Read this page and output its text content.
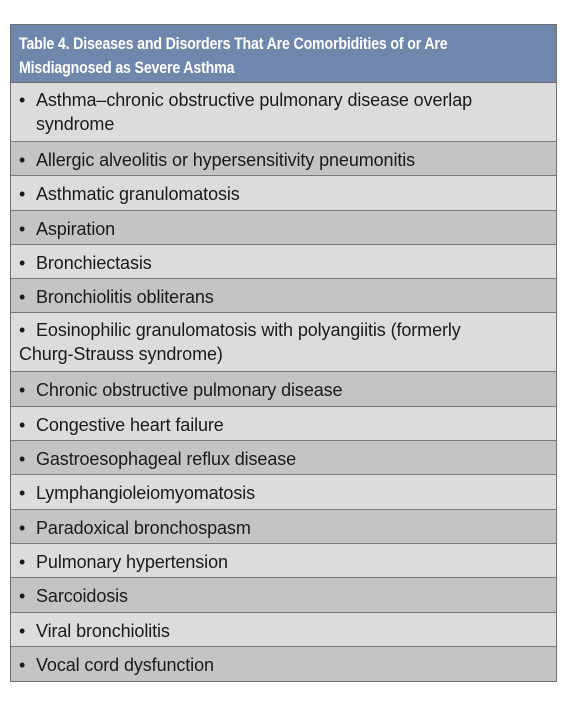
Table 4. Diseases and Disorders That Are Comorbidities of or Are
Misdiagnosed as Severe Asthma
• Asthma–chronic obstructive pulmonary disease overlap
syndrome
• Allergic alveolitis or hypersensitivity pneumonitis
• Asthmatic granulomatosis
• Aspiration
• Bronchiectasis
• Bronchiolitis obliterans
• Eosinophilic granulomatosis with polyangiitis (formerly
Churg-Strauss syndrome)
• Chronic obstructive pulmonary disease
• Congestive heart failure
• Gastroesophageal reflux disease
• Lymphangioleiomyomatosis
• Paradoxical bronchospasm
• Pulmonary hypertension
• Sarcoidosis
• Viral bronchiolitis
• Vocal cord dysfunction
